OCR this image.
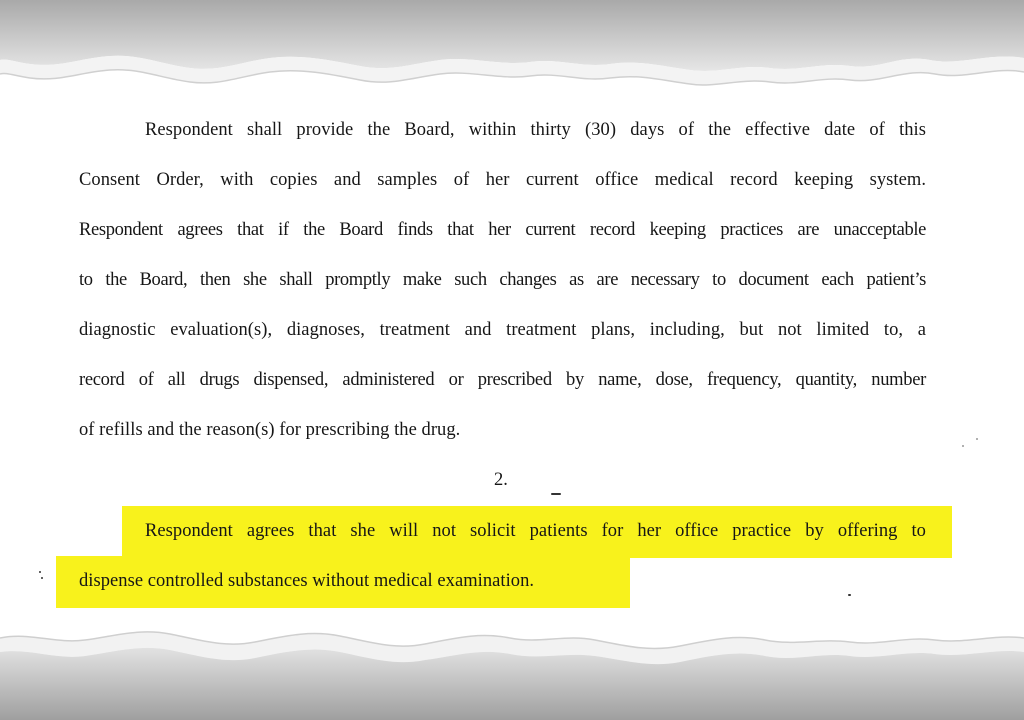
Respondent shall provide the Board, within thirty (30) days of the effective date of this
Consent Order, with copies and samples of her current office medical record keeping system.
Respondent agrees that if the Board finds that her current record keeping practices are unacceptable
to the Board, then she shall promptly make such changes as are necessary to document each patient’s
diagnostic evaluation(s), diagnoses, treatment and treatment plans, including, but not limited to, a
record of all drugs dispensed, administered or prescribed by name, dose, frequency, quantity, number
of refills and the reason(s) for prescribing the drug.
2.
Respondent agrees that she will not solicit patients for her office practice by offering to
dispense controlled substances without medical examination.
